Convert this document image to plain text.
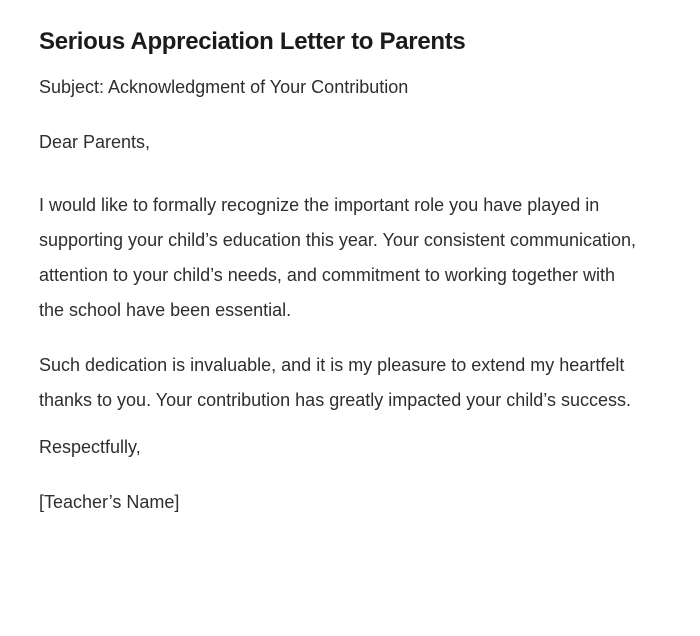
Serious Appreciation Letter to Parents

Subject: Acknowledgment of Your Contribution

Dear Parents,

I would like to formally recognize the important role you have played in supporting your child’s education this year. Your consistent communication, attention to your child’s needs, and commitment to working together with the school have been essential.

Such dedication is invaluable, and it is my pleasure to extend my heartfelt thanks to you. Your contribution has greatly impacted your child’s success.

Respectfully,

[Teacher’s Name]
